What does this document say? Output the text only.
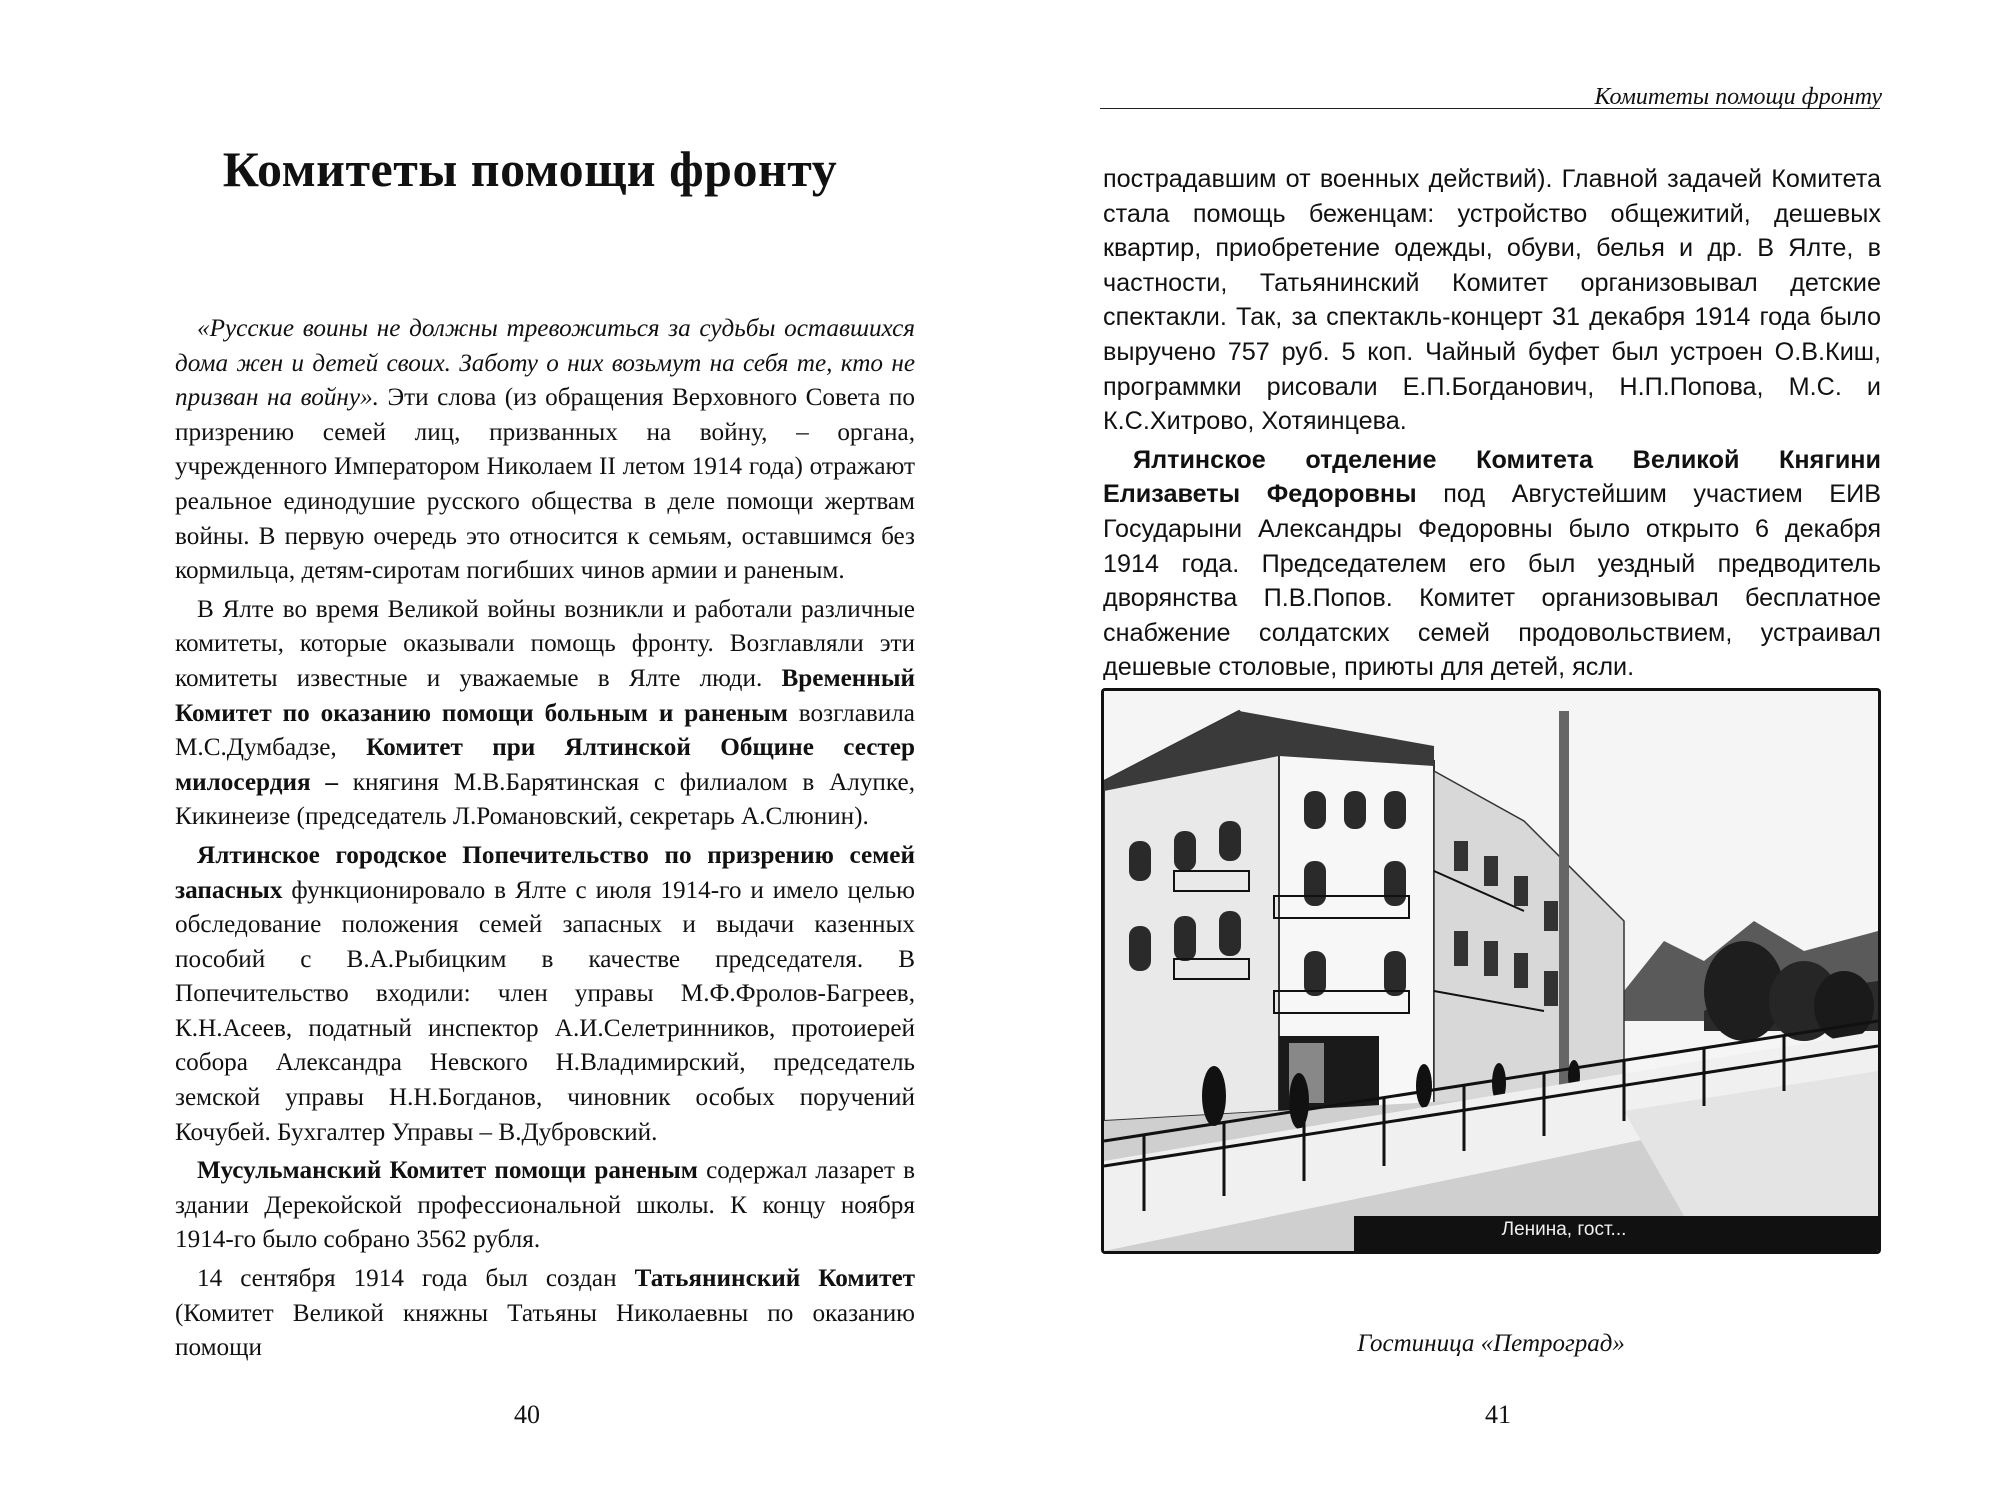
Комитеты помощи фронту

«Русские воины не должны тревожиться за судьбы оставшихся дома жен и детей своих. Заботу о них возьмут на себя те, кто не призван на войну». Эти слова (из обращения Верховного Совета по призрению семей лиц, призванных на войну, – органа, учрежденного Императором Николаем II летом 1914 года) отражают реальное единодушие русского общества в деле помощи жертвам войны. В первую очередь это относится к семьям, оставшимся без кормильца, детям-сиротам погибших чинов армии и раненым.

В Ялте во время Великой войны возникли и работали различные комитеты, которые оказывали помощь фронту. Возглавляли эти комитеты известные и уважаемые в Ялте люди. Временный Комитет по оказанию помощи больным и раненым возглавила М.С.Думбадзе, Комитет при Ялтинской Общине сестер милосердия – княгиня М.В.Барятинская с филиалом в Алупке, Кикинеизе (председатель Л.Романовский, секретарь А.Слюнин).

Ялтинское городское Попечительство по призрению семей запасных функционировало в Ялте с июля 1914-го и имело целью обследование положения семей запасных и выдачи казенных пособий с В.А.Рыбицким в качестве председателя. В Попечительство входили: член управы М.Ф.Фролов-Багреев, К.Н.Асеев, податный инспектор А.И.Селетринников, протоиерей собора Александра Невского Н.Владимирский, председатель земской управы Н.Н.Богданов, чиновник особых поручений Кочубей. Бухгалтер Управы – В.Дубровский.

Мусульманский Комитет помощи раненым содержал лазарет в здании Дерекойской профессиональной школы. К концу ноября 1914-го было собрано 3562 рубля.

14 сентября 1914 года был создан Татьянинский Комитет (Комитет Великой княжны Татьяны Николаевны по оказанию помощи

40
Комитеты помощи фронту

пострадавшим от военных действий). Главной задачей Комитета стала помощь беженцам: устройство общежитий, дешевых квартир, приобретение одежды, обуви, белья и др. В Ялте, в частности, Татьянинский Комитет организовывал детские спектакли. Так, за спектакль-концерт 31 декабря 1914 года было выручено 757 руб. 5 коп. Чайный буфет был устроен О.В.Киш, программки рисовали Е.П.Богданович, Н.П.Попова, М.С. и К.С.Хитрово, Хотяинцева.

Ялтинское отделение Комитета Великой Княгини Елизаветы Федоровны под Августейшим участием ЕИВ Государыни Александры Федоровны было открыто 6 декабря 1914 года. Председателем его был уездный предводитель дворянства П.В.Попов. Комитет организовывал бесплатное снабжение солдатских семей продовольствием, устраивал дешевые столовые, приюты для детей, ясли.

Ленина, гост...
Гостиница «Петроград»
41
